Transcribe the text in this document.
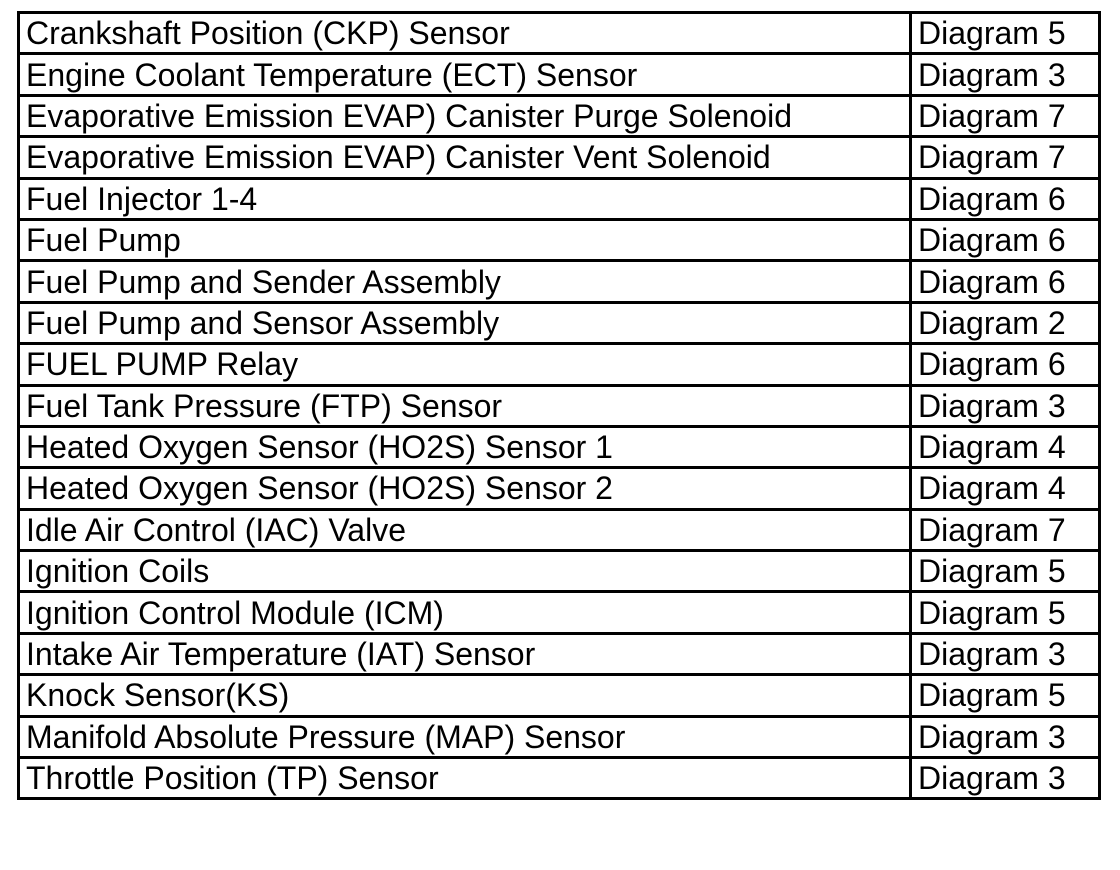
Crankshaft Position (CKP) Sensor	Diagram 5
Engine Coolant Temperature (ECT) Sensor	Diagram 3
Evaporative Emission EVAP) Canister Purge Solenoid	Diagram 7
Evaporative Emission EVAP) Canister Vent Solenoid	Diagram 7
Fuel Injector 1-4	Diagram 6
Fuel Pump	Diagram 6
Fuel Pump and Sender Assembly	Diagram 6
Fuel Pump and Sensor Assembly	Diagram 2
FUEL PUMP Relay	Diagram 6
Fuel Tank Pressure (FTP) Sensor	Diagram 3
Heated Oxygen Sensor (HO2S) Sensor 1	Diagram 4
Heated Oxygen Sensor (HO2S) Sensor 2	Diagram 4
Idle Air Control (IAC) Valve	Diagram 7
Ignition Coils	Diagram 5
Ignition Control Module (ICM)	Diagram 5
Intake Air Temperature (IAT) Sensor	Diagram 3
Knock Sensor(KS)	Diagram 5
Manifold Absolute Pressure (MAP) Sensor	Diagram 3
Throttle Position (TP) Sensor	Diagram 3
